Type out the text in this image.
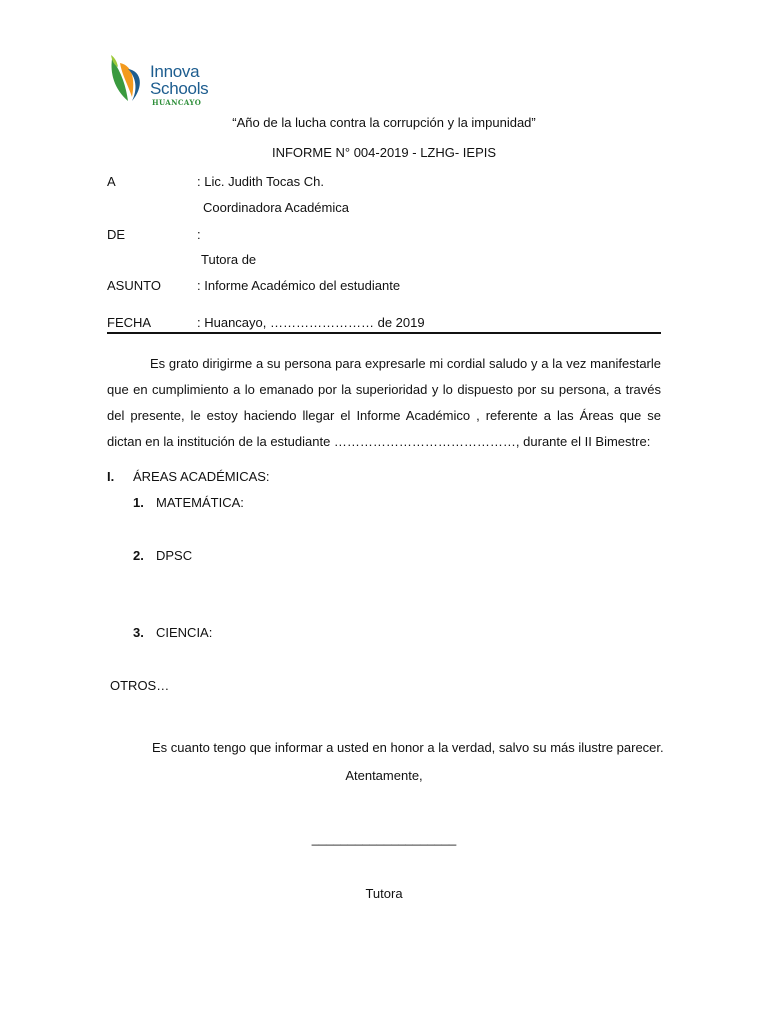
Innova
Schools
HUANCAYO
“Año de la lucha contra la corrupción y la impunidad”
INFORME N° 004-2019 - LZHG- IEPIS
A	: Lic. Judith Tocas Ch.
Coordinadora Académica
DE	:
Tutora de
ASUNTO	: Informe Académico del estudiante
FECHA	: Huancayo, …………………… de 2019

Es grato dirigirme a su persona para expresarle mi cordial saludo y a la vez manifestarle que en cumplimiento a lo emanado por la superioridad y lo dispuesto por su persona, a través del presente, le estoy haciendo llegar el Informe Académico , referente a las Áreas que se dictan en la institución de la estudiante ……………………………………, durante el II Bimestre:

I. ÁREAS ACADÉMICAS:
1. MATEMÁTICA:
2. DPSC
3. CIENCIA:
OTROS…
Es cuanto tengo que informar a usted en honor a la verdad, salvo su más ilustre parecer.
Atentamente,
____________________
Tutora
